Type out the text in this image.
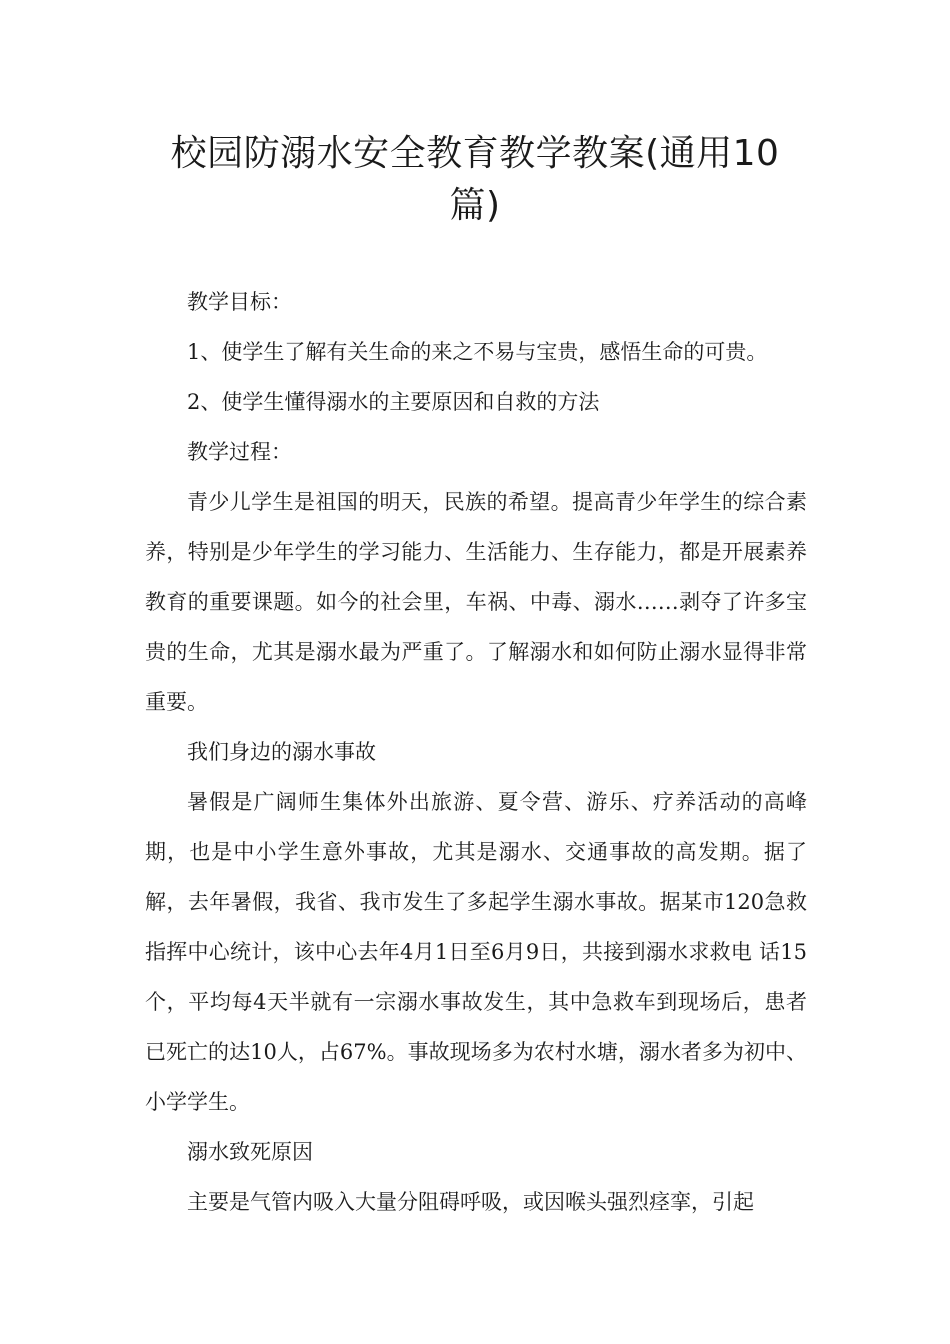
校园防溺水安全教育教学教案(通用10
篇)

教学目标：

1、使学生了解有关生命的来之不易与宝贵，感悟生命的可贵。

2、使学生懂得溺水的主要原因和自救的方法

教学过程：

青少儿学生是祖国的明天，民族的希望。提高青少年学生的综合素养，特别是少年学生的学习能力、生活能力、生存能力，都是开展素养教育的重要课题。如今的社会里，车祸、中毒、溺水……剥夺了许多宝贵的生命，尤其是溺水最为严重了。了解溺水和如何防止溺水显得非常重要。

我们身边的溺水事故

暑假是广阔师生集体外出旅游、夏令营、游乐、疗养活动的高峰期，也是中小学生意外事故，尤其是溺水、交通事故的高发期。据了解，去年暑假，我省、我市发生了多起学生溺水事故。据某市120急救指挥中心统计，该中心去年4月1日至6月9日，共接到溺水求救电 话15个，平均每4天半就有一宗溺水事故发生，其中急救车到现场后，患者已死亡的达10人，占67%。事故现场多为农村水塘，溺水者多为初中、小学学生。

溺水致死原因

主要是气管内吸入大量分阻碍呼吸，或因喉头强烈痉挛，引起
